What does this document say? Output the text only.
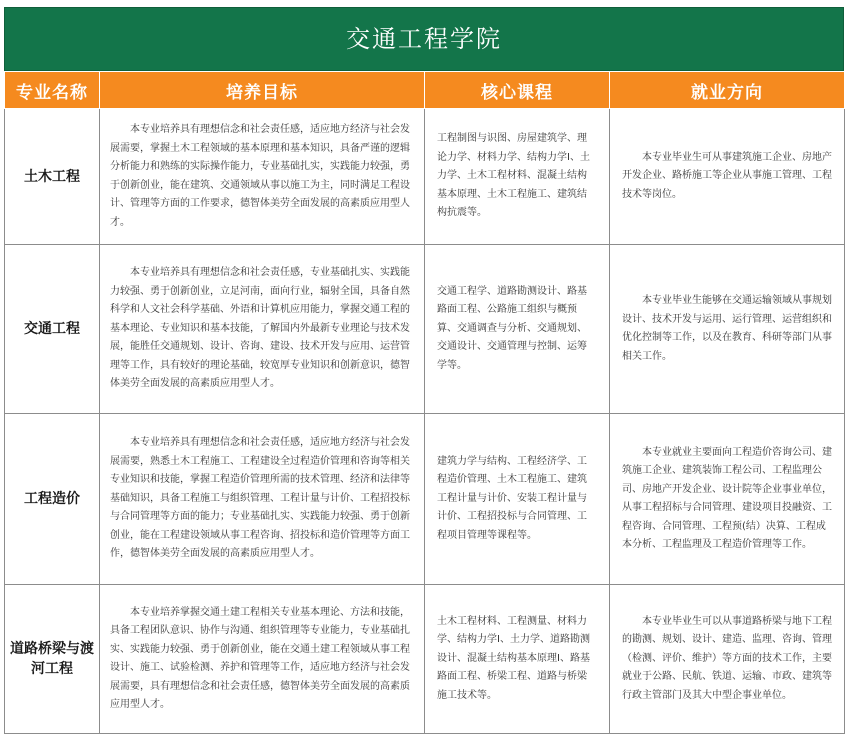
交通工程学院
专业名称	培养目标	核心课程	就业方向
土木工程	本专业培养具有理想信念和社会责任感，适应地方经济与社会发展需要，掌握土木工程领域的基本原理和基本知识，具备严谨的逻辑分析能力和熟练的实际操作能力，专业基础扎实，实践能力较强，勇于创新创业，能在建筑、交通领域从事以施工为主，同时满足工程设计、管理等方面的工作要求，德智体美劳全面发展的高素质应用型人才。	工程制图与识图、房屋建筑学、理论力学、材料力学、结构力学Ⅰ、土力学、土木工程材料、混凝土结构基本原理、土木工程施工、建筑结构抗震等。	本专业毕业生可从事建筑施工企业、房地产开发企业、路桥施工等企业从事施工管理、工程技术等岗位。
交通工程	本专业培养具有理想信念和社会责任感，专业基础扎实、实践能力较强、勇于创新创业，立足河南，面向行业，辐射全国，具备自然科学和人文社会科学基础、外语和计算机应用能力，掌握交通工程的基本理论、专业知识和基本技能，了解国内外最新专业理论与技术发展，能胜任交通规划、设计、咨询、建设、技术开发与应用、运营管理等工作，具有较好的理论基础，较宽厚专业知识和创新意识，德智体美劳全面发展的高素质应用型人才。	交通工程学、道路勘测设计、路基路面工程、公路施工组织与概预算、交通调查与分析、交通规划、交通设计、交通管理与控制、运筹学等。	本专业毕业生能够在交通运输领域从事规划设计、技术开发与运用、运行管理、运营组织和优化控制等工作，以及在教育、科研等部门从事相关工作。
工程造价	本专业培养具有理想信念和社会责任感，适应地方经济与社会发展需要，熟悉土木工程施工、工程建设全过程造价管理和咨询等相关专业知识和技能，掌握工程造价管理所需的技术管理、经济和法律等基础知识，具备工程施工与组织管理、工程计量与计价、工程招投标与合同管理等方面的能力；专业基础扎实、实践能力较强、勇于创新创业，能在工程建设领域从事工程咨询、招投标和造价管理等方面工作，德智体美劳全面发展的高素质应用型人才。	建筑力学与结构、工程经济学、工程造价管理、土木工程施工、建筑工程计量与计价、安装工程计量与计价、工程招投标与合同管理、工程项目管理等课程等。	本专业就业主要面向工程造价咨询公司、建筑施工企业、建筑装饰工程公司、工程监理公司、房地产开发企业、设计院等企业事业单位，从事工程招标与合同管理、建设项目投融资、工程咨询、合同管理、工程预(结）决算、工程成本分析、工程监理及工程造价管理等工作。
道路桥梁与渡河工程	本专业培养掌握交通土建工程相关专业基本理论、方法和技能，具备工程团队意识、协作与沟通、组织管理等专业能力，专业基础扎实、实践能力较强、勇于创新创业，能在交通土建工程领域从事工程设计、施工、试验检测、养护和管理等工作，适应地方经济与社会发展需要，具有理想信念和社会责任感，德智体美劳全面发展的高素质应用型人才。	土木工程材料、工程测量、材料力学、结构力学Ⅰ、土力学、道路勘测设计、混凝土结构基本原理Ⅰ、路基路面工程、桥梁工程、道路与桥梁施工技术等。	本专业毕业生可以从事道路桥梁与地下工程的勘测、规划、设计、建造、监理、咨询、管理（检测、评价、维护）等方面的技术工作，主要就业于公路、民航、铁道、运输、市政、建筑等行政主管部门及其大中型企事业单位。
